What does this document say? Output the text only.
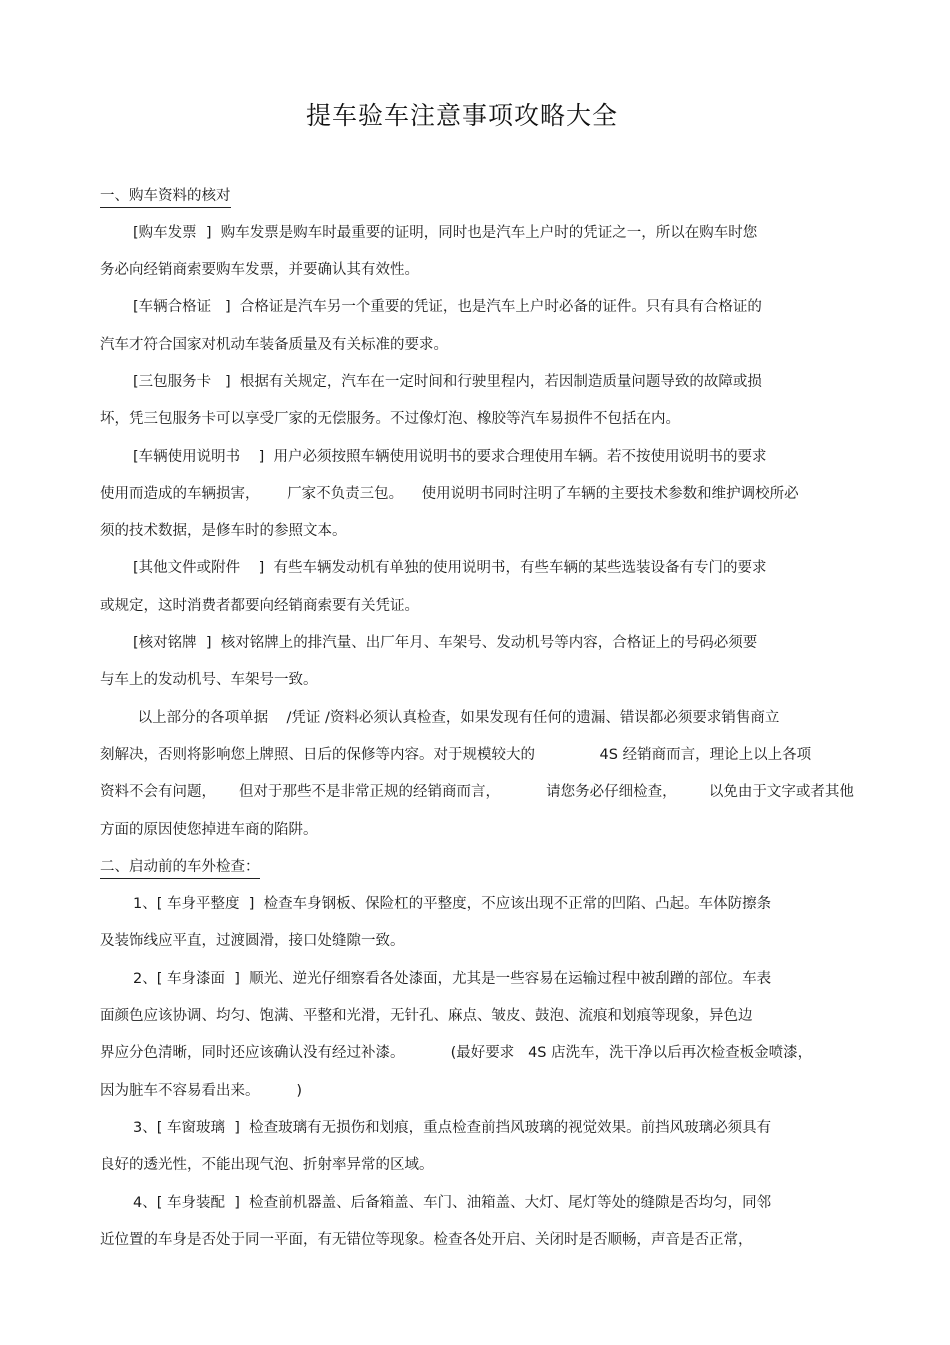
提车验车注意事项攻略大全
一、购车资料的核对
[购车发票  ]  购车发票是购车时最重要的证明，同时也是汽车上户时的凭证之一，所以在购车时您
务必向经销商索要购车发票，并要确认其有效性。
[车辆合格证   ]  合格证是汽车另一个重要的凭证，也是汽车上户时必备的证件。只有具有合格证的
汽车才符合国家对机动车装备质量及有关标准的要求。
[三包服务卡   ]  根据有关规定，汽车在一定时间和行驶里程内，若因制造质量问题导致的故障或损
坏，凭三包服务卡可以享受厂家的无偿服务。不过像灯泡、橡胶等汽车易损件不包括在内。
[车辆使用说明书    ]  用户必须按照车辆使用说明书的要求合理使用车辆。若不按使用说明书的要求
使用而造成的车辆损害，      厂家不负责三包。    使用说明书同时注明了车辆的主要技术参数和维护调校所必
须的技术数据，是修车时的参照文本。
[其他文件或附件    ]  有些车辆发动机有单独的使用说明书，有些车辆的某些选装设备有专门的要求
或规定，这时消费者都要向经销商索要有关凭证。
[核对铭牌  ]  核对铭牌上的排汽量、出厂年月、车架号、发动机号等内容，合格证上的号码必须要
与车上的发动机号、车架号一致。
以上部分的各项单据    /凭证 /资料必须认真检查，如果发现有任何的遗漏、错误都必须要求销售商立
刻解决，否则将影响您上牌照、日后的保修等内容。对于规模较大的              4S 经销商而言，理论上以上各项
资料不会有问题，     但对于那些不是非常正规的经销商而言，          请您务必仔细检查，       以免由于文字或者其他
方面的原因使您掉进车商的陷阱。
二、启动前的车外检查：
1、[ 车身平整度  ]  检查车身钢板、保险杠的平整度，不应该出现不正常的凹陷、凸起。车体防擦条
及装饰线应平直，过渡圆滑，接口处缝隙一致。
2、[ 车身漆面  ]  顺光、逆光仔细察看各处漆面，尤其是一些容易在运输过程中被刮蹭的部位。车表
面颜色应该协调、均匀、饱满、平整和光滑，无针孔、麻点、皱皮、鼓泡、流痕和划痕等现象，异色边
界应分色清晰，同时还应该确认没有经过补漆。          (最好要求   4S 店洗车，洗干净以后再次检查板金喷漆，
因为脏车不容易看出来。        )
3、[ 车窗玻璃  ]  检查玻璃有无损伤和划痕，重点检查前挡风玻璃的视觉效果。前挡风玻璃必须具有
良好的透光性，不能出现气泡、折射率异常的区域。
4、[ 车身装配  ]  检查前机器盖、后备箱盖、车门、油箱盖、大灯、尾灯等处的缝隙是否均匀，同邻
近位置的车身是否处于同一平面，有无错位等现象。检查各处开启、关闭时是否顺畅，声音是否正常，
